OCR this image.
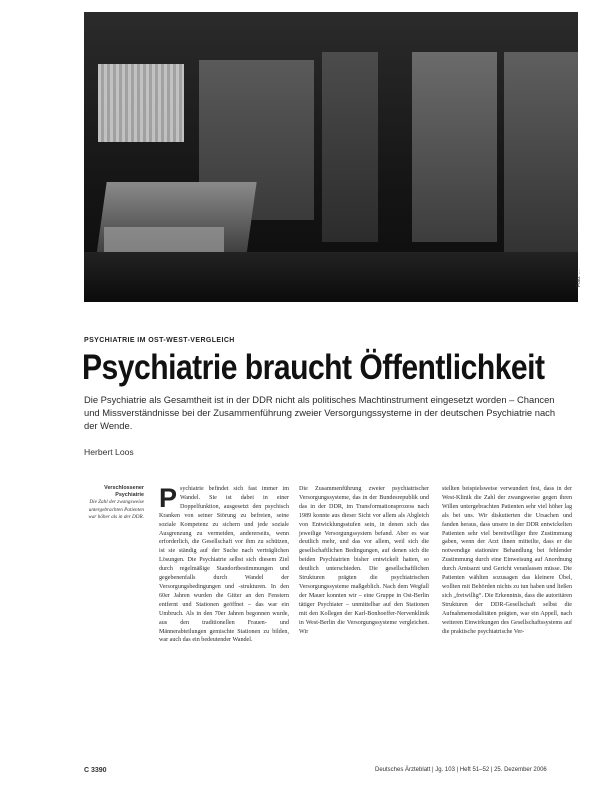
Foto: ...
PSYCHIATRIE IM OST-WEST-VERGLEICH
Psychiatrie braucht Öffentlichkeit
Die Psychiatrie als Gesamtheit ist in der DDR nicht als politisches Machtinstrument eingesetzt worden – Chancen und Missverständnisse bei der Zusammenführung zweier Versorgungssysteme in der deutschen Psychiatrie nach der Wende.
Herbert Loos
Verschlossener Psychiatrie
Die Zahl der zwangsweise untergebrachten Patienten war höher als in der DDR.
P sychiatrie befindet sich fast immer im Wandel. Sie ist dabei in einer Doppelfunktion, ausgesetzt den psychisch Kranken von seiner Störung zu befreien, seine soziale Kompetenz zu sichern und jede soziale Ausgrenzung zu vermeiden, andererseits, wenn erforderlich, die Gesellschaft vor ihm zu schützen, ist sie ständig auf der Suche nach verträglichen Lösungen. Die Psychiatrie selbst sich diesem Ziel durch regelmäßige Standortbestimmungen und gegebenenfalls durch Wandel der Versorgungsbedingungen und -strukturen. In den 60er Jahren wurden die Gitter an den Fenstern entfernt und Stationen geöffnet – das war ein Umbruch. Als in den 70er Jahren begonnen wurde, aus den traditionellen Frauen- und Männerabteilungen gemischte Stationen zu bilden, war auch das ein bedeutender Wandel.
Die Zusammenführung zweier psychiatrischer Versorgungssysteme, das in der Bundesrepublik und das in der DDR, im Transformationsprozess nach 1989 konnte aus dieser Sicht vor allem als Abgleich von Entwicklungsstufen sein, in denen sich das jeweilige Versorgungssystem befand. Aber es war deutlich mehr, und das vor allem, weil sich die gesellschaftlichen Bedingungen, auf denen sich die beiden Psychiatrien bisher entwickelt hatten, so deutlich unterschieden. Die gesellschaftlichen Strukturen prägten die psychiatrischen Versorgungssysteme maßgeblich. Nach dem Wegfall der Mauer konnten wir – eine Gruppe in Ost-Berlin tätiger Psychiater – unmittelbar auf den Stationen mit den Kollegen der Karl-Bonhoeffer-Nervenklinik in West-Berlin die Versorgungssysteme vergleichen. Wir
stellten beispielsweise verwundert fest, dass in der West-Klinik die Zahl der zwangsweise gegen ihren Willen untergebrachten Patienten sehr viel höher lag als bei uns. Wir diskutierten die Ursachen und fanden heraus, dass unsere in der DDR entwickelten Patienten sehr viel bereitwilliger ihre Zustimmung gaben, wenn der Arzt ihnen mitteilte, dass er die notwendige stationäre Behandlung bei fehlender Zustimmung durch eine Einweisung auf Anordnung durch Amtsarzt und Gericht veranlassen müsse. Die Patienten wählten sozusagen das kleinere Übel, wollten mit Behörden nichts zu tun haben und ließen sich „freiwillig“. Die Erkenntnis, dass die autoritären Strukturen der DDR-Gesellschaft selbst die Aufnahmemodalitäten prägten, war ein Appell, nach weiteren Einwirkungen des Gesellschaftssystems auf die praktische psychiatrische Ver-
C 3390	Deutsches Ärzteblatt | Jg. 103 | Heft 51–52 | 25. Dezember 2006
